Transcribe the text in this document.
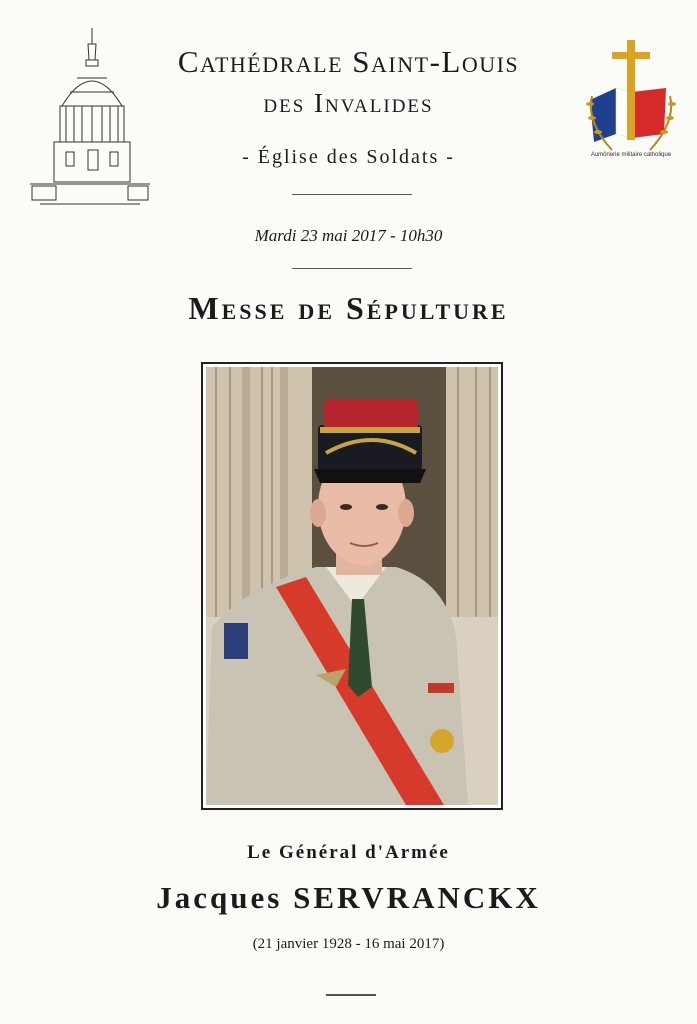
Aumônerie militaire catholique
Cathédrale Saint-Louis
des Invalides
- Église des Soldats -
Mardi 23 mai 2017 - 10h30
Messe de Sépulture
Le Général d'Armée
Jacques SERVRANCKX
(21 janvier 1928 - 16 mai 2017)
